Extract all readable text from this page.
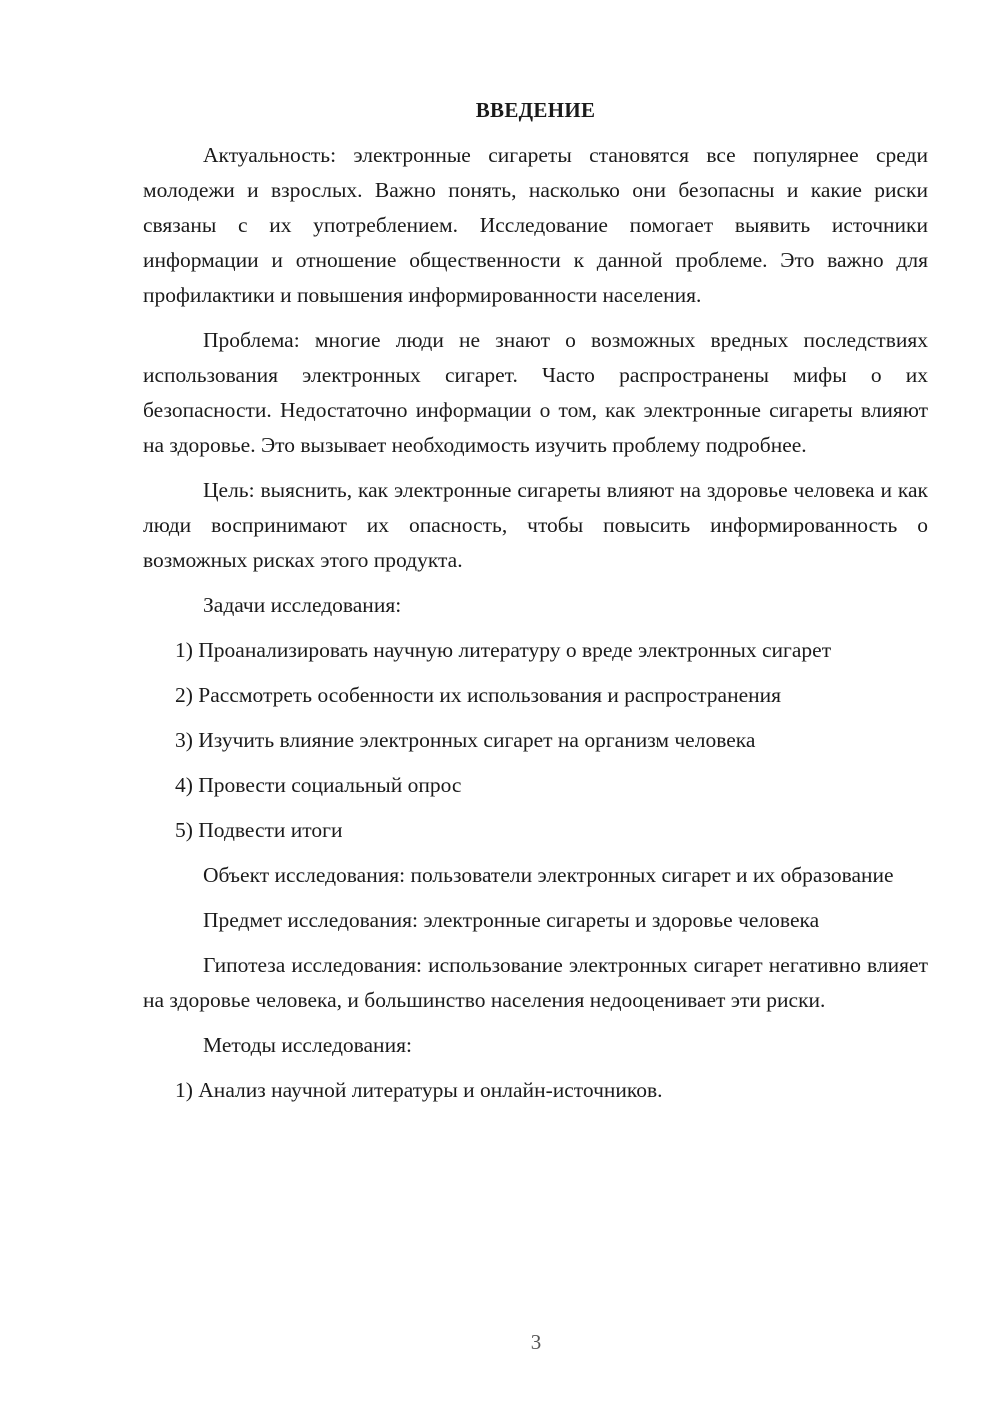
ВВЕДЕНИЕ

Актуальность: электронные сигареты становятся все популярнее среди молодежи и взрослых. Важно понять, насколько они безопасны и какие риски связаны с их употреблением. Исследование помогает выявить источники информации и отношение общественности к данной проблеме. Это важно для профилактики и повышения информированности населения.

Проблема: многие люди не знают о возможных вредных последствиях использования электронных сигарет. Часто распространены мифы о их безопасности. Недостаточно информации о том, как электронные сигареты влияют на здоровье. Это вызывает необходимость изучить проблему подробнее.

Цель: выяснить, как электронные сигареты влияют на здоровье человека и как люди воспринимают их опасность, чтобы повысить информированность о возможных рисках этого продукта.

Задачи исследования:

1) Проанализировать научную литературу о вреде электронных сигарет

2) Рассмотреть особенности их использования и распространения

3) Изучить влияние электронных сигарет на организм человека

4) Провести социальный опрос

5) Подвести итоги

Объект исследования: пользователи электронных сигарет и их образование

Предмет исследования: электронные сигареты и здоровье человека

Гипотеза исследования: использование электронных сигарет негативно влияет на здоровье человека, и большинство населения недооценивает эти риски.

Методы исследования:

1) Анализ научной литературы и онлайн-источников.

3
